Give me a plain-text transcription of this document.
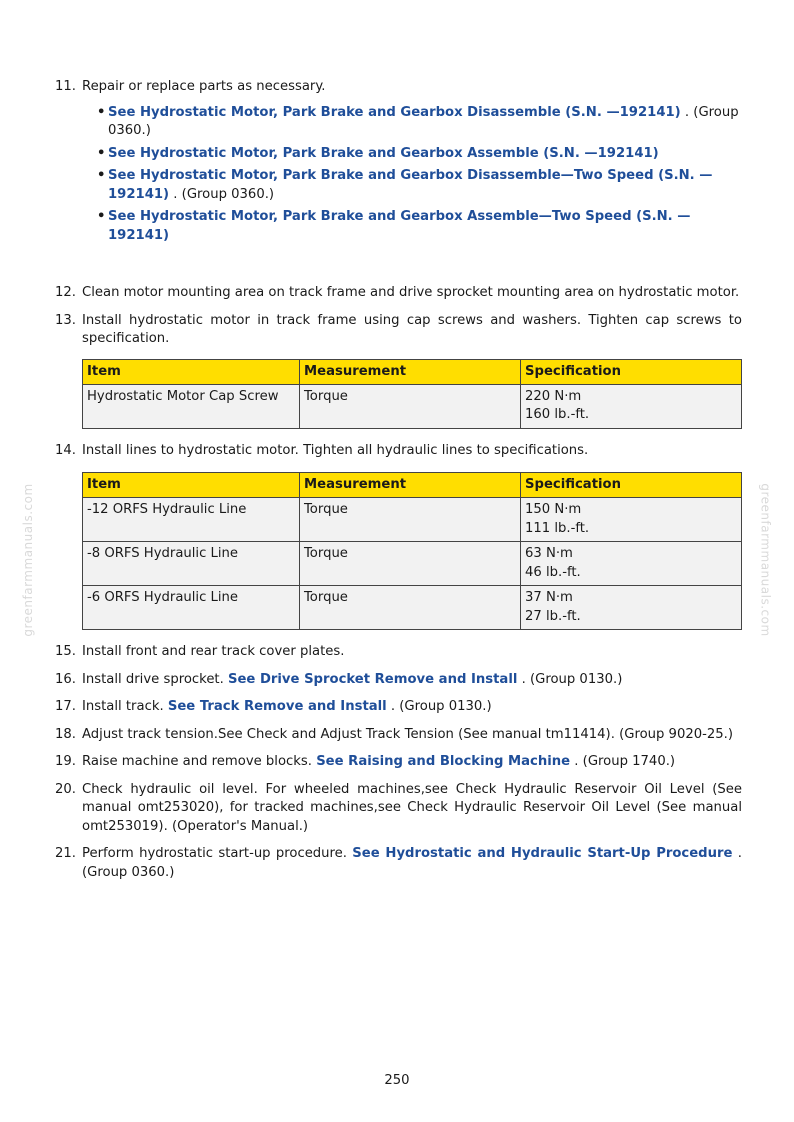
greenfarmmanuals.com	greenfarmmanuals.com
11. Repair or replace parts as necessary.
• See Hydrostatic Motor, Park Brake and Gearbox Disassemble (S.N. —192141) . (Group 0360.)
• See Hydrostatic Motor, Park Brake and Gearbox Assemble (S.N. —192141)
• See Hydrostatic Motor, Park Brake and Gearbox Disassemble—Two Speed (S.N. —192141) . (Group 0360.)
• See Hydrostatic Motor, Park Brake and Gearbox Assemble—Two Speed (S.N. —192141)
12. Clean motor mounting area on track frame and drive sprocket mounting area on hydrostatic motor.
13. Install hydrostatic motor in track frame using cap screws and washers. Tighten cap screws to specification.
Item	Measurement	Specification
Hydrostatic Motor Cap Screw	Torque	220 N·m
160 lb.-ft.
14. Install lines to hydrostatic motor. Tighten all hydraulic lines to specifications.
Item	Measurement	Specification
-12 ORFS Hydraulic Line	Torque	150 N·m
111 lb.-ft.

-8 ORFS Hydraulic Line	Torque	63 N·m
46 lb.-ft.

-6 ORFS Hydraulic Line	Torque	37 N·m
27 lb.-ft.
15. Install front and rear track cover plates.
16. Install drive sprocket. See Drive Sprocket Remove and Install . (Group 0130.)
17. Install track. See Track Remove and Install . (Group 0130.)
18. Adjust track tension.See Check and Adjust Track Tension (See manual tm11414). (Group 9020-25.)
19. Raise machine and remove blocks. See Raising and Blocking Machine . (Group 1740.)
20. Check hydraulic oil level. For wheeled machines,see Check Hydraulic Reservoir Oil Level (See manual omt253020), for tracked machines,see Check Hydraulic Reservoir Oil Level (See manual omt253019). (Operator's Manual.)
21. Perform hydrostatic start-up procedure. See Hydrostatic and Hydraulic Start-Up Procedure . (Group 0360.)
250
